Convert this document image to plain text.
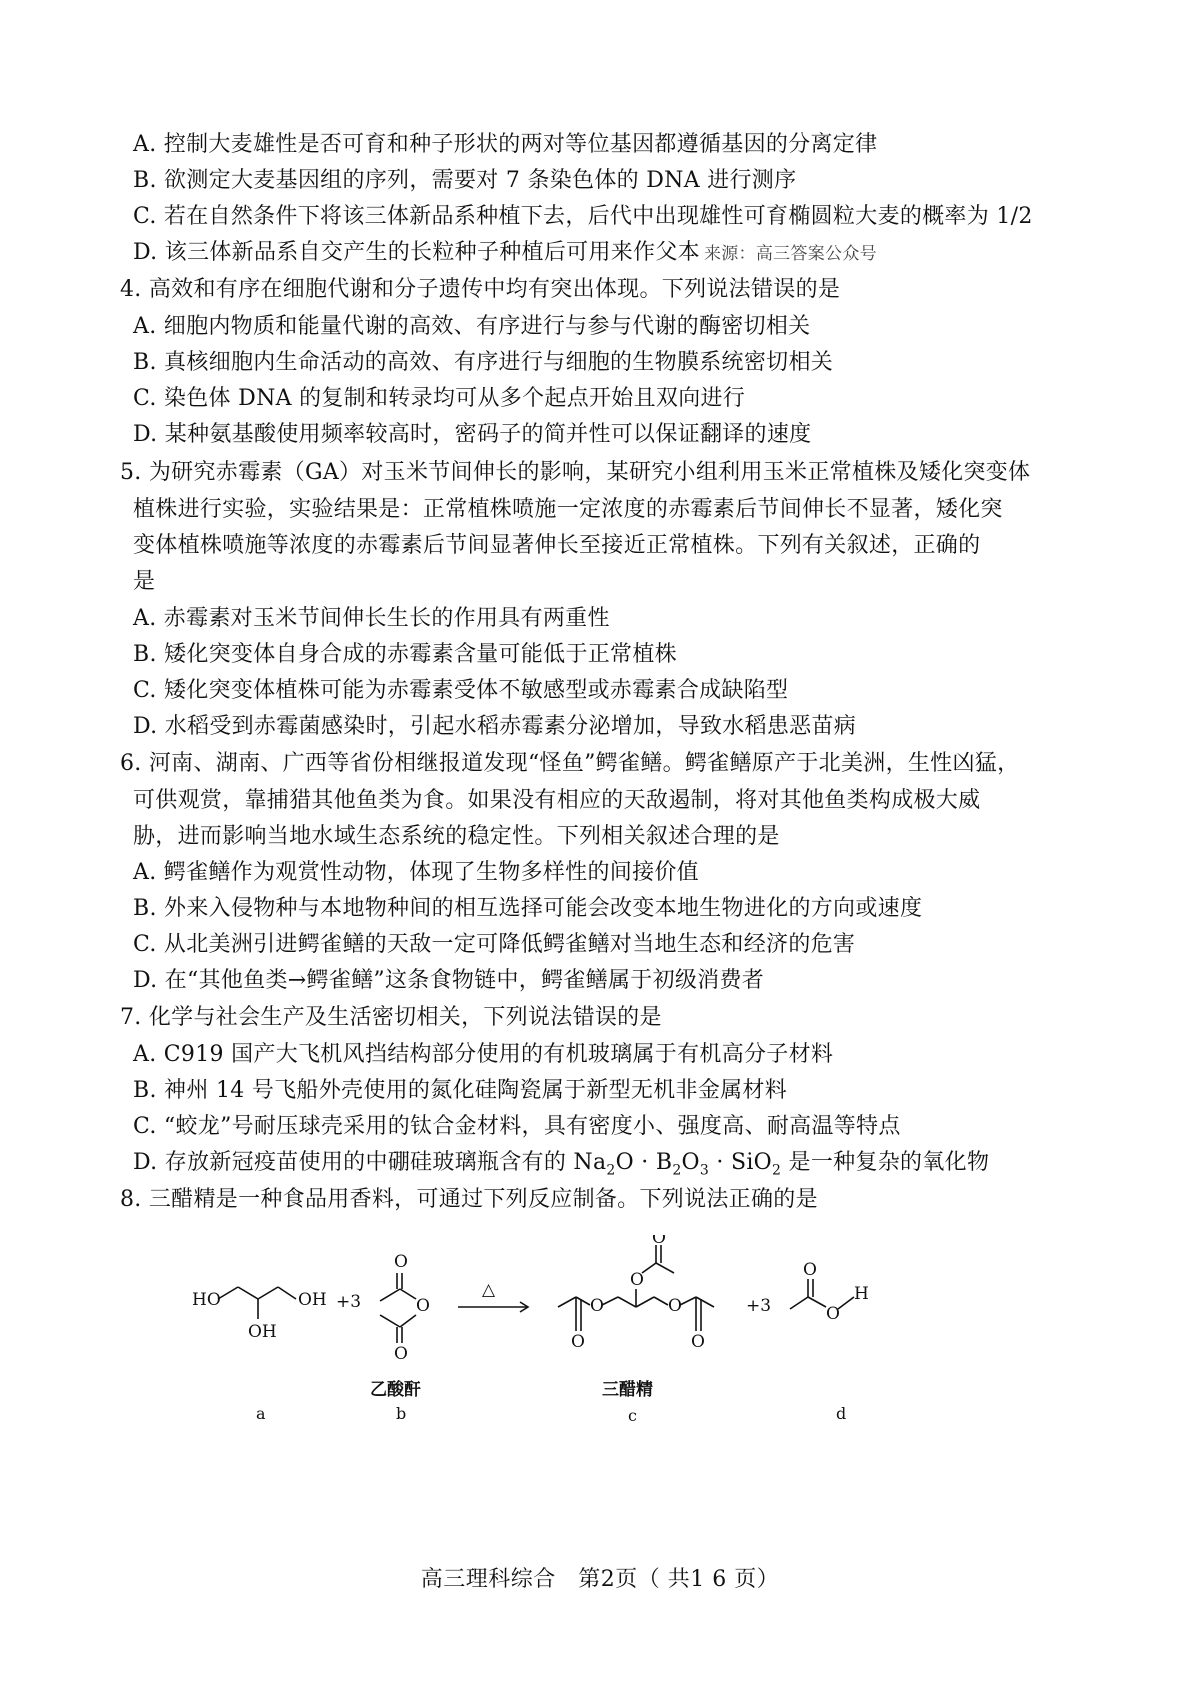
A. 控制大麦雄性是否可育和种子形状的两对等位基因都遵循基因的分离定律
B. 欲测定大麦基因组的序列，需要对 7 条染色体的 DNA 进行测序
C. 若在自然条件下将该三体新品系种植下去，后代中出现雄性可育椭圆粒大麦的概率为 1/2
D. 该三体新品系自交产生的长粒种子种植后可用来作父本 来源：高三答案公众号
4. 高效和有序在细胞代谢和分子遗传中均有突出体现。下列说法错误的是
A. 细胞内物质和能量代谢的高效、有序进行与参与代谢的酶密切相关
B. 真核细胞内生命活动的高效、有序进行与细胞的生物膜系统密切相关
C. 染色体 DNA 的复制和转录均可从多个起点开始且双向进行
D. 某种氨基酸使用频率较高时，密码子的简并性可以保证翻译的速度
5. 为研究赤霉素（GA）对玉米节间伸长的影响，某研究小组利用玉米正常植株及矮化突变体
植株进行实验，实验结果是：正常植株喷施一定浓度的赤霉素后节间伸长不显著，矮化突
变体植株喷施等浓度的赤霉素后节间显著伸长至接近正常植株。下列有关叙述，正确的
是
A. 赤霉素对玉米节间伸长生长的作用具有两重性
B. 矮化突变体自身合成的赤霉素含量可能低于正常植株
C. 矮化突变体植株可能为赤霉素受体不敏感型或赤霉素合成缺陷型
D. 水稻受到赤霉菌感染时，引起水稻赤霉素分泌增加，导致水稻患恶苗病
6. 河南、湖南、广西等省份相继报道发现“怪鱼”鳄雀鳝。鳄雀鳝原产于北美洲，生性凶猛，
可供观赏，靠捕猎其他鱼类为食。如果没有相应的天敌遏制，将对其他鱼类构成极大威
胁，进而影响当地水域生态系统的稳定性。下列相关叙述合理的是
A. 鳄雀鳝作为观赏性动物，体现了生物多样性的间接价值
B. 外来入侵物种与本地物种间的相互选择可能会改变本地生物进化的方向或速度
C. 从北美洲引进鳄雀鳝的天敌一定可降低鳄雀鳝对当地生态和经济的危害
D. 在“其他鱼类→鳄雀鳝”这条食物链中，鳄雀鳝属于初级消费者
7. 化学与社会生产及生活密切相关，下列说法错误的是
A. C919 国产大飞机风挡结构部分使用的有机玻璃属于有机高分子材料
B. 神州 14 号飞船外壳使用的氮化硅陶瓷属于新型无机非金属材料
C. “蛟龙”号耐压球壳采用的钛合金材料，具有密度小、强度高、耐高温等特点
D. 存放新冠疫苗使用的中硼硅玻璃瓶含有的 $Na_2O \cdot B_2O_3 \cdot SiO_2$ 是一种复杂的氧化物
8. 三醋精是一种食品用香料，可通过下列反应制备。下列说法正确的是
HO	OH
OH
+3
O
O
O
△
O
O
O
O
O
O
+3
O
O
H
乙酸酐	三醋精
a	b	c	d
高三理科综合　第2页（ 共1 6 页）
